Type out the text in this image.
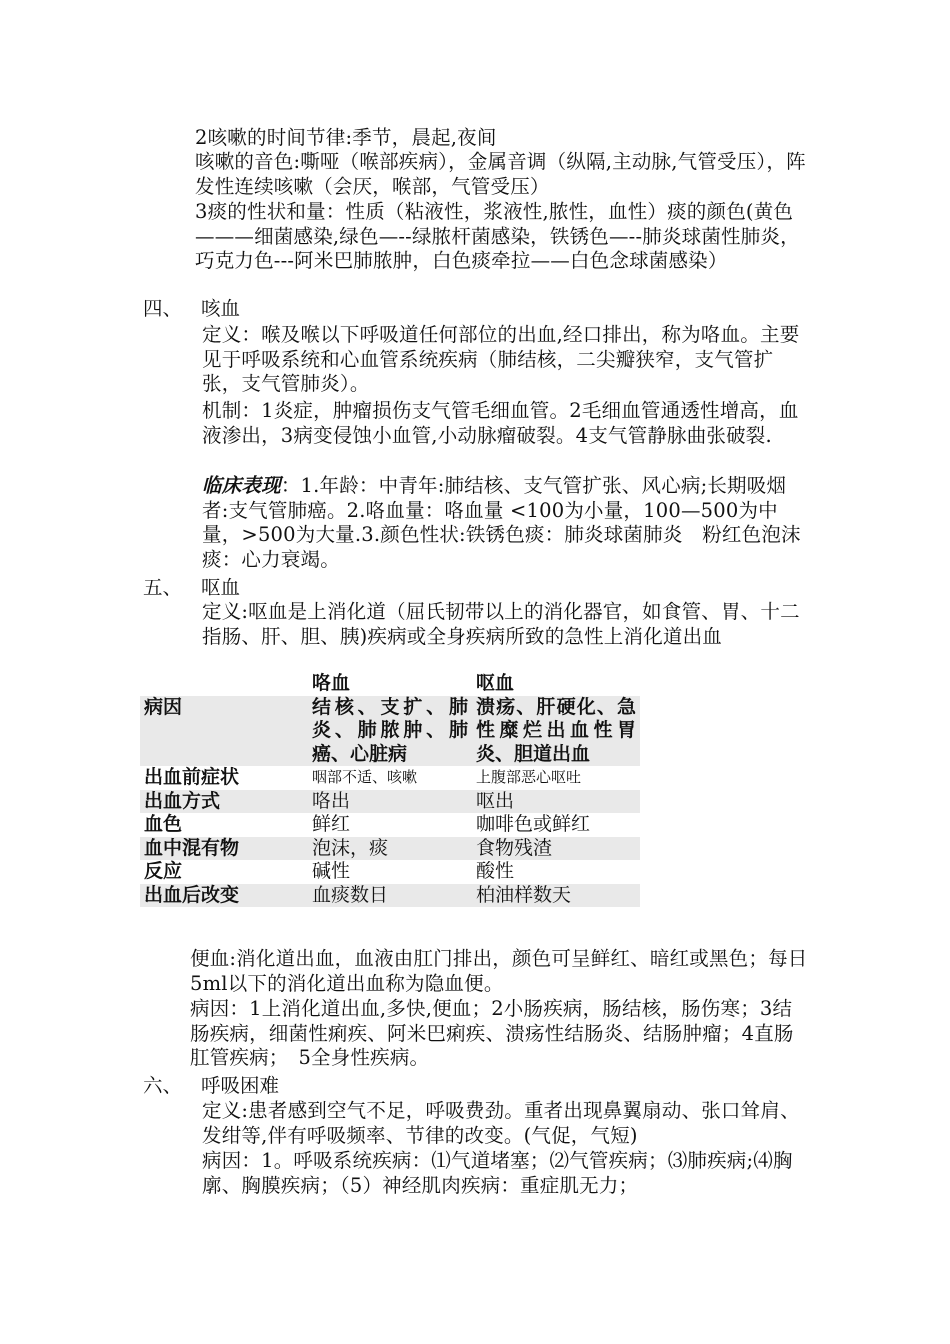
2咳嗽的时间节律:季节，晨起,夜间
咳嗽的音色:嘶哑（喉部疾病），金属音调（纵隔,主动脉,气管受压），阵发性连续咳嗽（会厌，喉部，气管受压）
3痰的性状和量：性质（粘液性，浆液性,脓性，血性）痰的颜色(黄色———细菌感染,绿色—--绿脓杆菌感染，铁锈色—--肺炎球菌性肺炎，巧克力色---阿米巴肺脓肿，白色痰牵拉——白色念球菌感染）
四、 咳血
定义：喉及喉以下呼吸道任何部位的出血,经口排出，称为咯血。主要见于呼吸系统和心血管系统疾病（肺结核，二尖瓣狭窄，支气管扩张，支气管肺炎）。
机制：1炎症，肿瘤损伤支气管毛细血管。2毛细血管通透性增高，血液渗出，3病变侵蚀小血管,小动脉瘤破裂。4支气管静脉曲张破裂.
临床表现：1.年龄：中青年:肺结核、支气管扩张、风心病;长期吸烟者:支气管肺癌。2.咯血量：咯血量 <100为小量，100—500为中量，>500为大量.3.颜色性状:铁锈色痰：肺炎球菌肺炎　粉红色泡沫痰：心力衰竭。
五、 呕血
定义:呕血是上消化道（屈氏韧带以上的消化器官，如食管、胃、十二指肠、肝、胆、胰)疾病或全身疾病所致的急性上消化道出血
	咯血	呕血
病因	结核、支扩、肺炎、肺脓肿、肺癌、心脏病	溃疡、肝硬化、急性糜烂出血性胃炎、胆道出血
出血前症状	咽部不适、咳嗽	上腹部恶心呕吐
出血方式	咯出	呕出
血色	鲜红	咖啡色或鲜红
血中混有物	泡沫，痰	食物残渣
反应	碱性	酸性
出血后改变	血痰数日	柏油样数天
便血:消化道出血，血液由肛门排出，颜色可呈鲜红、暗红或黑色；每日5ml以下的消化道出血称为隐血便。
病因：1上消化道出血,多快,便血；2小肠疾病，肠结核，肠伤寒；3结肠疾病，细菌性痢疾、阿米巴痢疾、溃疡性结肠炎、结肠肿瘤；4直肠肛管疾病；　5全身性疾病。
六、 呼吸困难
定义:患者感到空气不足，呼吸费劲。重者出现鼻翼扇动、张口耸肩、发绀等,伴有呼吸频率、节律的改变。(气促，气短)
病因：1。呼吸系统疾病：⑴气道堵塞；⑵气管疾病；⑶肺疾病;⑷胸廓、胸膜疾病；（5）神经肌肉疾病：重症肌无力；
